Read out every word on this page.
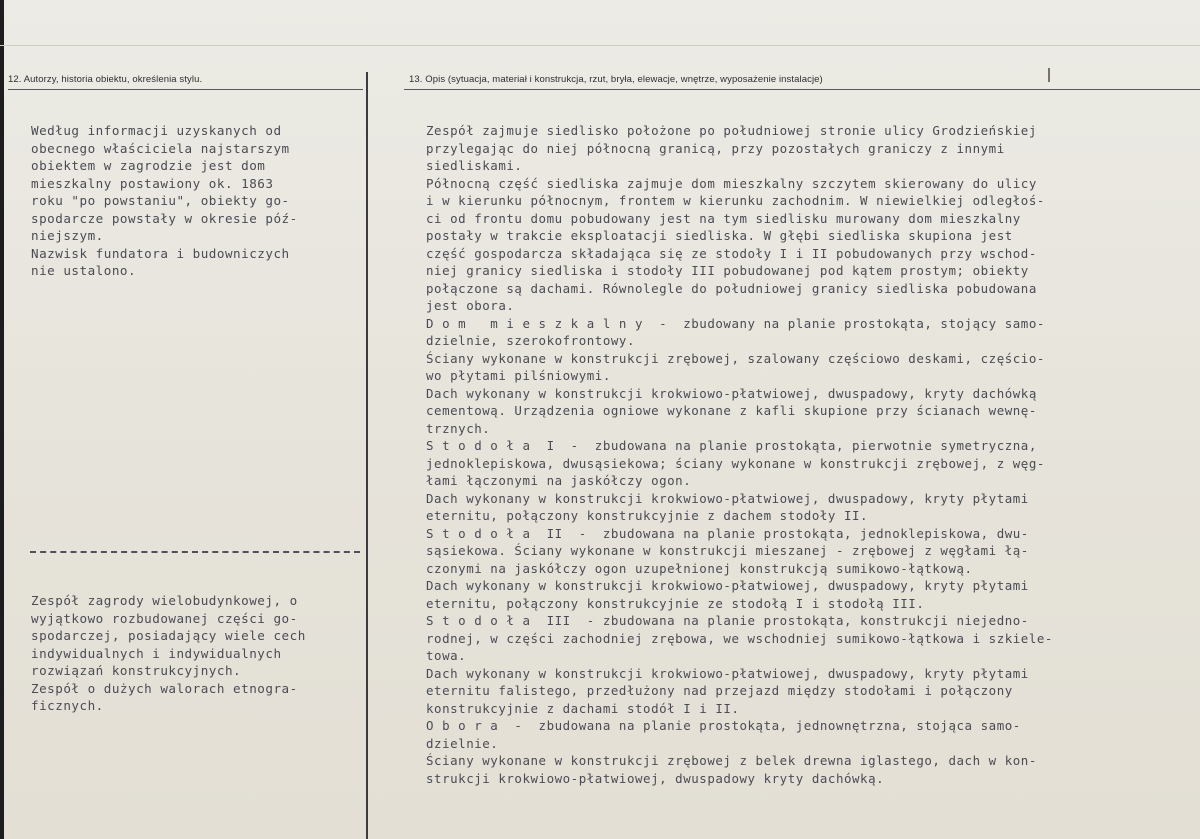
12. Autorzy, historia obiektu, określenia stylu.	13. Opis (sytuacja, materiał i konstrukcja, rzut, bryła, elewacje, wnętrze, wyposażenie instalacje)
Według informacji uzyskanych od
obecnego właściciela najstarszym
obiektem w zagrodzie jest dom
mieszkalny postawiony ok. 1863
roku "po powstaniu", obiekty go-
spodarcze powstały w okresie póź-
niejszym.
Nazwisk fundatora i budowniczych
nie ustalono.
Zespół zagrody wielobudynkowej, o
wyjątkowo rozbudowanej części go-
spodarczej, posiadający wiele cech
indywidualnych i indywidualnych
rozwiązań konstrukcyjnych.
Zespół o dużych walorach etnogra-
ficznych.
Zespół zajmuje siedlisko położone po południowej stronie ulicy Grodzieńskiej
przylegając do niej północną granicą, przy pozostałych graniczy z innymi
siedliskami.
Północną część siedliska zajmuje dom mieszkalny szczytem skierowany do ulicy
i w kierunku północnym, frontem w kierunku zachodnim. W niewielkiej odległoś-
ci od frontu domu pobudowany jest na tym siedlisku murowany dom mieszkalny
postały w trakcie eksploatacji siedliska. W głębi siedliska skupiona jest
część gospodarcza składająca się ze stodoły I i II pobudowanych przy wschod-
niej granicy siedliska i stodoły III pobudowanej pod kątem prostym; obiekty
połączone są dachami. Równolegle do południowej granicy siedliska pobudowana
jest obora.
D o m   m i e s z k a l n y  -  zbudowany na planie prostokąta, stojący samo-
dzielnie, szerokofrontowy.
Ściany wykonane w konstrukcji zrębowej, szalowany częściowo deskami, częścio-
wo płytami pilśniowymi.
Dach wykonany w konstrukcji krokwiowo-płatwiowej, dwuspadowy, kryty dachówką
cementową. Urządzenia ogniowe wykonane z kafli skupione przy ścianach wewnę-
trznych.
S t o d o ł a  I  -  zbudowana na planie prostokąta, pierwotnie symetryczna,
jednoklepiskowa, dwusąsiekowa; ściany wykonane w konstrukcji zrębowej, z węg-
łami łączonymi na jaskółczy ogon.
Dach wykonany w konstrukcji krokwiowo-płatwiowej, dwuspadowy, kryty płytami
eternitu, połączony konstrukcyjnie z dachem stodoły II.
S t o d o ł a  II  -  zbudowana na planie prostokąta, jednoklepiskowa, dwu-
sąsiekowa. Ściany wykonane w konstrukcji mieszanej - zrębowej z węgłami łą-
czonymi na jaskółczy ogon uzupełnionej konstrukcją sumikowo-łątkową.
Dach wykonany w konstrukcji krokwiowo-płatwiowej, dwuspadowy, kryty płytami
eternitu, połączony konstrukcyjnie ze stodołą I i stodołą III.
S t o d o ł a  III  - zbudowana na planie prostokąta, konstrukcji niejedno-
rodnej, w części zachodniej zrębowa, we wschodniej sumikowo-łątkowa i szkiele-
towa.
Dach wykonany w konstrukcji krokwiowo-płatwiowej, dwuspadowy, kryty płytami
eternitu falistego, przedłużony nad przejazd między stodołami i połączony
konstrukcyjnie z dachami stodół I i II.
O b o r a  -  zbudowana na planie prostokąta, jednownętrzna, stojąca samo-
dzielnie.
Ściany wykonane w konstrukcji zrębowej z belek drewna iglastego, dach w kon-
strukcji krokwiowo-płatwiowej, dwuspadowy kryty dachówką.
